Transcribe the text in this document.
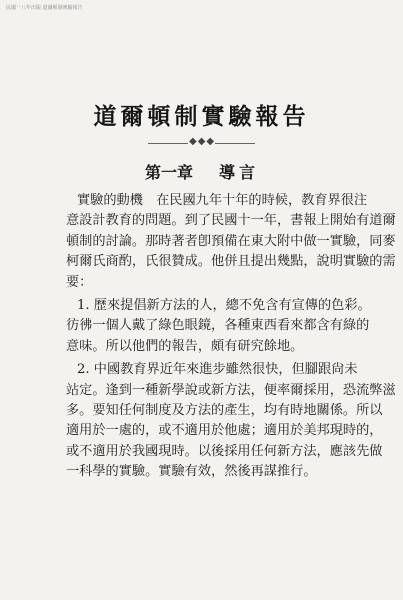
民國一八年出版 道爾頓制實驗報告
道爾頓制實驗報告
◆◆◆
第一章 導言
實驗的動機　在民國九年十年的時候，教育界很注
意設計教育的問題。到了民國十一年，書報上開始有道爾
頓制的討論。那時著者卽預備在東大附中做一實驗，同麥
柯爾氏商酌，氏很贊成。他併且提出幾點，說明實驗的需
要：
1. 歷來提倡新方法的人，總不免含有宣傳的色彩。
彷彿一個人戴了綠色眼鏡，各種東西看來都含有綠的
意味。所以他們的報告，頗有研究餘地。
2. 中國教育界近年來進步雖然很快，但腳跟尙未
站定。逢到一種新學說或新方法，便率爾採用，恐流弊滋
多。要知任何制度及方法的產生，均有時地關係。所以
適用於一處的，或不適用於他處；適用於美邦現時的，
或不適用於我國現時。以後採用任何新方法，應該先做
一科學的實驗。實驗有效，然後再謀推行。
